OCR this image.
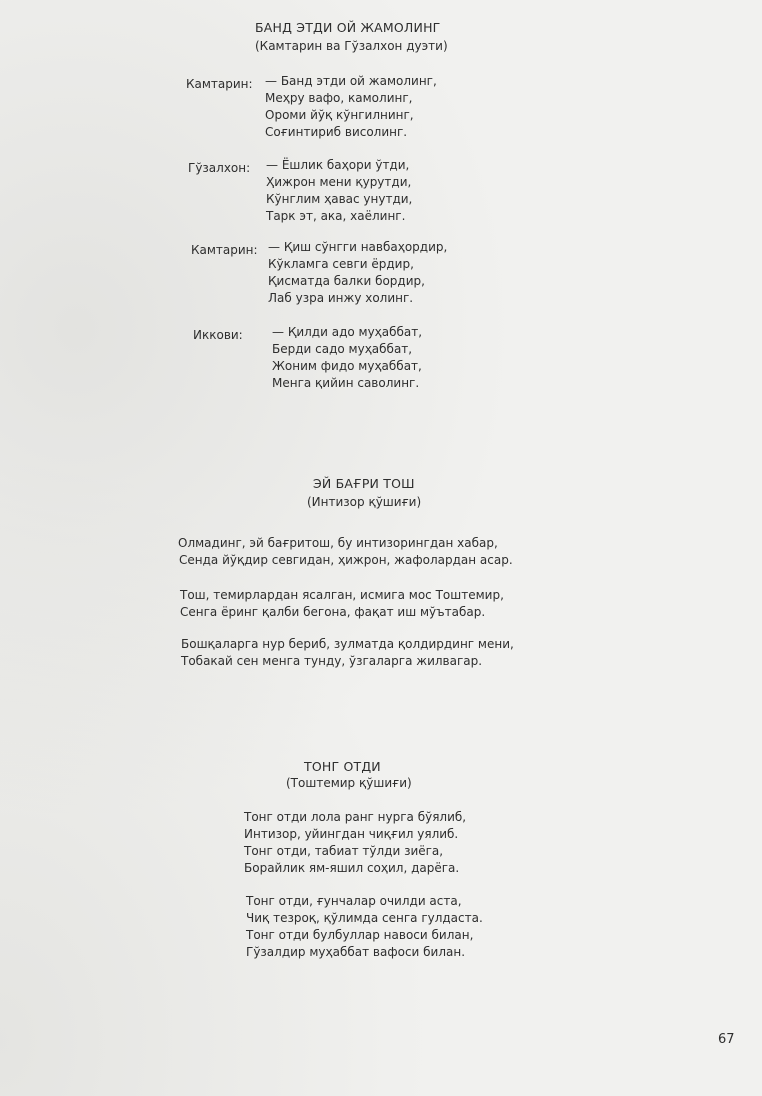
БАНД ЭТДИ ОЙ ЖАМОЛИНГ
(Камтарин ва Гўзалхон дуэти)
Камтарин: — Банд этди ой жамолинг,
Меҳру вафо, камолинг,
Ороми йўқ кўнгилнинг,
Соғинтириб висолинг.
Гўзалхон: — Ёшлик баҳори ўтди,
Ҳижрон мени қурутди,
Кўнглим ҳавас унутди,
Тарк эт, ака, хаёлинг.
Камтарин: — Қиш сўнгги навбаҳордир,
Кўкламга севги ёрдир,
Қисматда балки бордир,
Лаб узра инжу холинг.
Иккови: — Қилди адо муҳаббат,
Берди садо муҳаббат,
Жоним фидо муҳаббат,
Менга қийин саволинг.
ЭЙ БАҒРИ ТОШ
(Интизор қўшиғи)
Олмадинг, эй бағритош, бу интизорингдан хабар,
Сенда йўқдир севгидан, ҳижрон, жафолардан асар.
Тош, темирлардан ясалган, исмига мос Тоштемир,
Сенга ёринг қалби бегона, фақат иш мўътабар.
Бошқаларга нур бериб, зулматда қолдирдинг мени,
Тобакай сен менга тунду, ўзгаларга жилвагар.
ТОНГ ОТДИ
(Тоштемир қўшиғи)
Тонг отди лола ранг нурга бўялиб,
Интизор, уйингдан чиқғил уялиб.
Тонг отди, табиат тўлди зиёга,
Борайлик ям-яшил соҳил, дарёга.
Тонг отди, ғунчалар очилди аста,
Чиқ тезроқ, қўлимда сенга гулдаста.
Тонг отди булбуллар навоси билан,
Гўзалдир муҳаббат вафоси билан.
67
